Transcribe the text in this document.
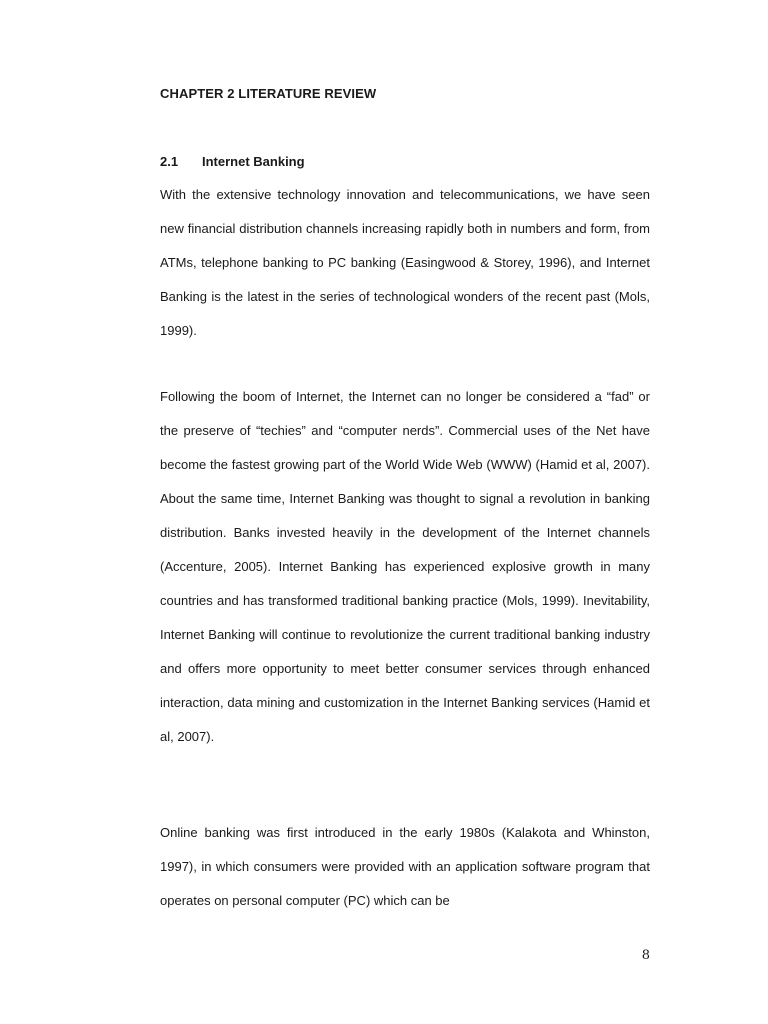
CHAPTER 2 LITERATURE REVIEW
2.1 Internet Banking

With the extensive technology innovation and telecommunications, we have seen new financial distribution channels increasing rapidly both in numbers and form, from ATMs, telephone banking to PC banking (Easingwood & Storey, 1996), and Internet Banking is the latest in the series of technological wonders of the recent past (Mols, 1999).

Following the boom of Internet, the Internet can no longer be considered a “fad” or the preserve of “techies” and “computer nerds”. Commercial uses of the Net have become the fastest growing part of the World Wide Web (WWW) (Hamid et al, 2007). About the same time, Internet Banking was thought to signal a revolution in banking distribution. Banks invested heavily in the development of the Internet channels (Accenture, 2005). Internet Banking has experienced explosive growth in many countries and has transformed traditional banking practice (Mols, 1999). Inevitability, Internet Banking will continue to revolutionize the current traditional banking industry and offers more opportunity to meet better consumer services through enhanced interaction, data mining and customization in the Internet Banking services (Hamid et al, 2007).

Online banking was first introduced in the early 1980s (Kalakota and Whinston, 1997), in which consumers were provided with an application software program that operates on personal computer (PC) which can be

8
